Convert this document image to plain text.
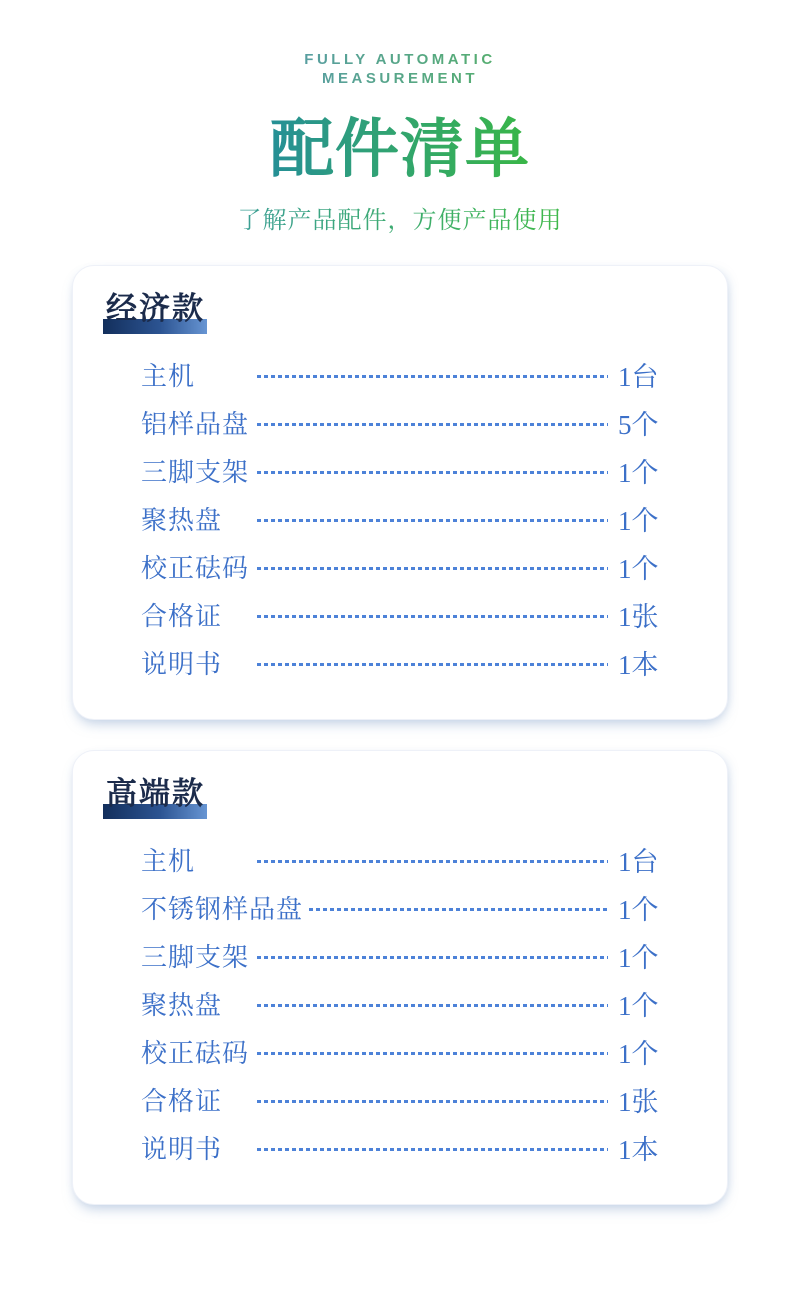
FULLY AUTOMATIC
MEASUREMENT
配件清单
了解产品配件，方便产品使用
经济款
主机	1台
铝样品盘	5个
三脚支架	1个
聚热盘	1个
校正砝码	1个
合格证	1张
说明书	1本
高端款
主机	1台
不锈钢样品盘	1个
三脚支架	1个
聚热盘	1个
校正砝码	1个
合格证	1张
说明书	1本
